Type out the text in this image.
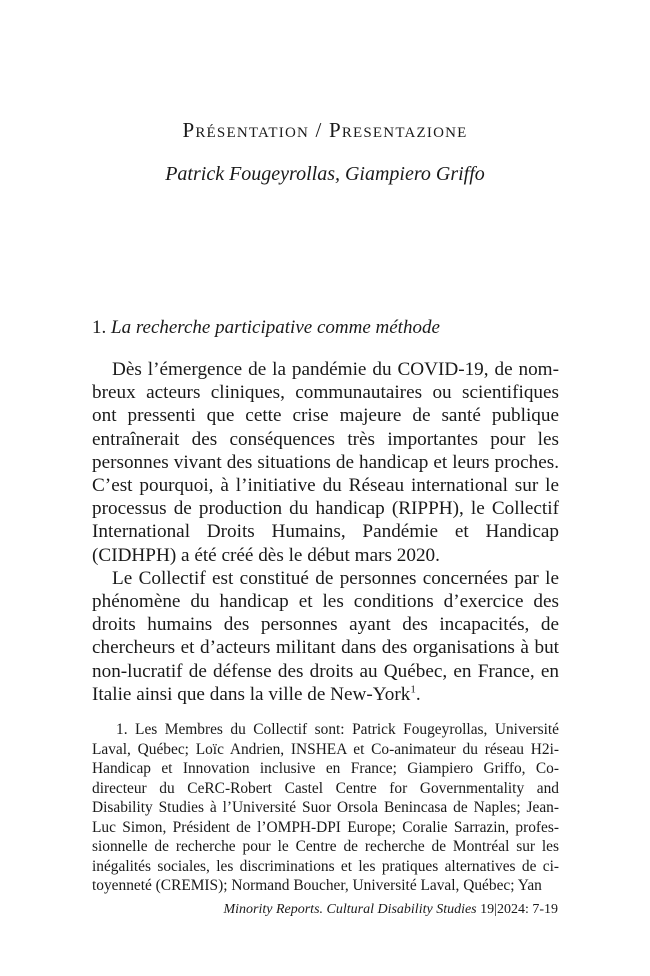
Présentation / Presentazione
Patrick Fougeyrollas, Giampiero Griffo
1. La recherche participative comme méthode

Dès l’émergence de la pandémie du COVID-19, de nombreux acteurs cliniques, communautaires ou scientifiques ont pressenti que cette crise majeure de santé publique entraînerait des conséquences très importantes pour les personnes vivant des situations de handicap et leurs proches. C’est pourquoi, à l’initiative du Réseau international sur le processus de production du handicap (RIPPH), le Collectif International Droits Humains, Pandémie et Handicap (CIDHPH) a été créé dès le début mars 2020.

Le Collectif est constitué de personnes concernées par le phénomène du handicap et les conditions d’exercice des droits humains des personnes ayant des incapacités, de chercheurs et d’acteurs militant dans des organisations à but non-lucratif de défense des droits au Québec, en France, en Italie ainsi que dans la ville de New-York$^1$.

1. Les Membres du Collectif sont: Patrick Fougeyrollas, Université Laval, Québec; Loïc Andrien, INSHEA et Co-animateur du réseau H2i-Handicap et Innovation inclusive en France; Giampiero Griffo, Co-directeur du CeRC-Robert Castel Centre for Governmentality and Disability Studies à l’Université Suor Orsola Benincasa de Naples; Jean-Luc Simon, Président de l’OMPH-DPI Europe; Coralie Sarrazin, professionnelle de recherche pour le Centre de recherche de Montréal sur les inégalités sociales, les discriminations et les pratiques alternatives de citoyenneté (CREMIS); Normand Boucher, Université Laval, Québec; Yan

Minority Reports. Cultural Disability Studies 19|2024: 7-19
